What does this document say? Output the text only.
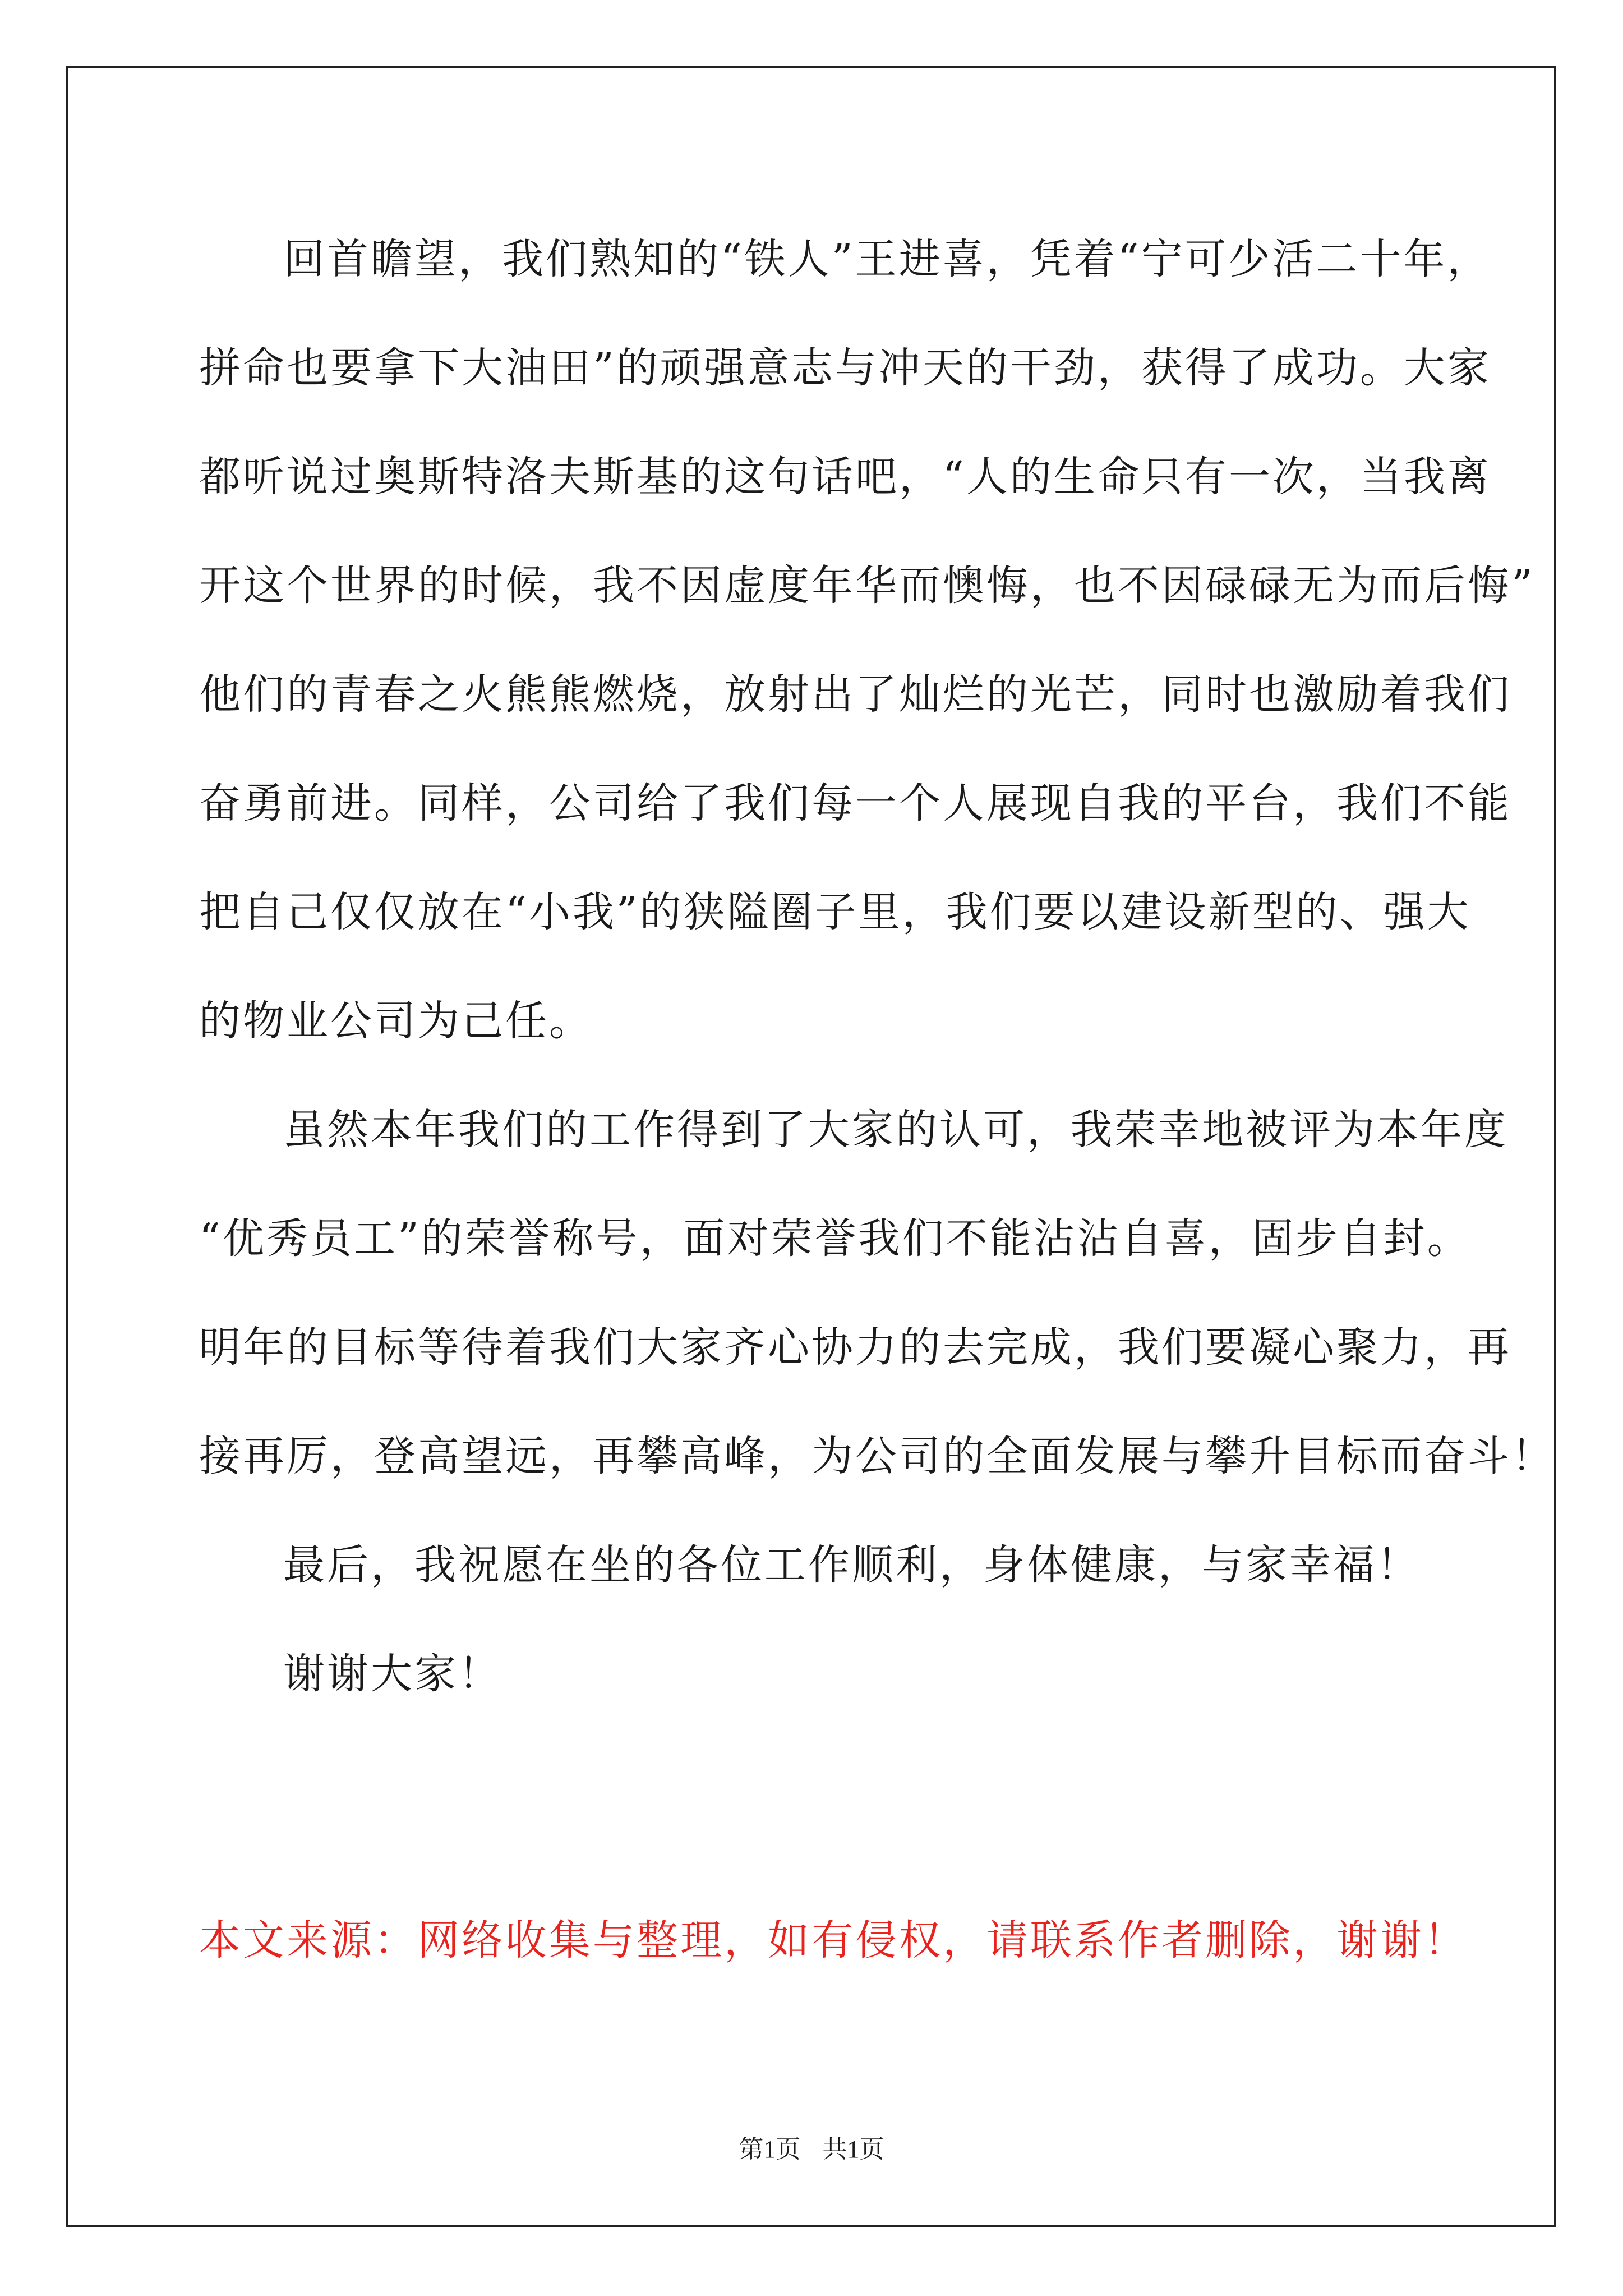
回首瞻望，我们熟知的“铁人”王进喜，凭着“宁可少活二十年，
拼命也要拿下大油田”的顽强意志与冲天的干劲，获得了成功。大家
都听说过奥斯特洛夫斯基的这句话吧，“人的生命只有一次，当我离
开这个世界的时候，我不因虚度年华而懊悔，也不因碌碌无为而后悔”
他们的青春之火熊熊燃烧，放射出了灿烂的光芒，同时也激励着我们
奋勇前进。同样，公司给了我们每一个人展现自我的平台，我们不能
把自己仅仅放在“小我”的狭隘圈子里，我们要以建设新型的、强大
的物业公司为己任。
虽然本年我们的工作得到了大家的认可，我荣幸地被评为本年度
“优秀员工”的荣誉称号，面对荣誉我们不能沾沾自喜，固步自封。
明年的目标等待着我们大家齐心协力的去完成，我们要凝心聚力，再
接再厉，登高望远，再攀高峰，为公司的全面发展与攀升目标而奋斗！
最后，我祝愿在坐的各位工作顺利，身体健康，与家幸福！
谢谢大家！
本文来源：网络收集与整理，如有侵权，请联系作者删除，谢谢！
第1页 共1页
